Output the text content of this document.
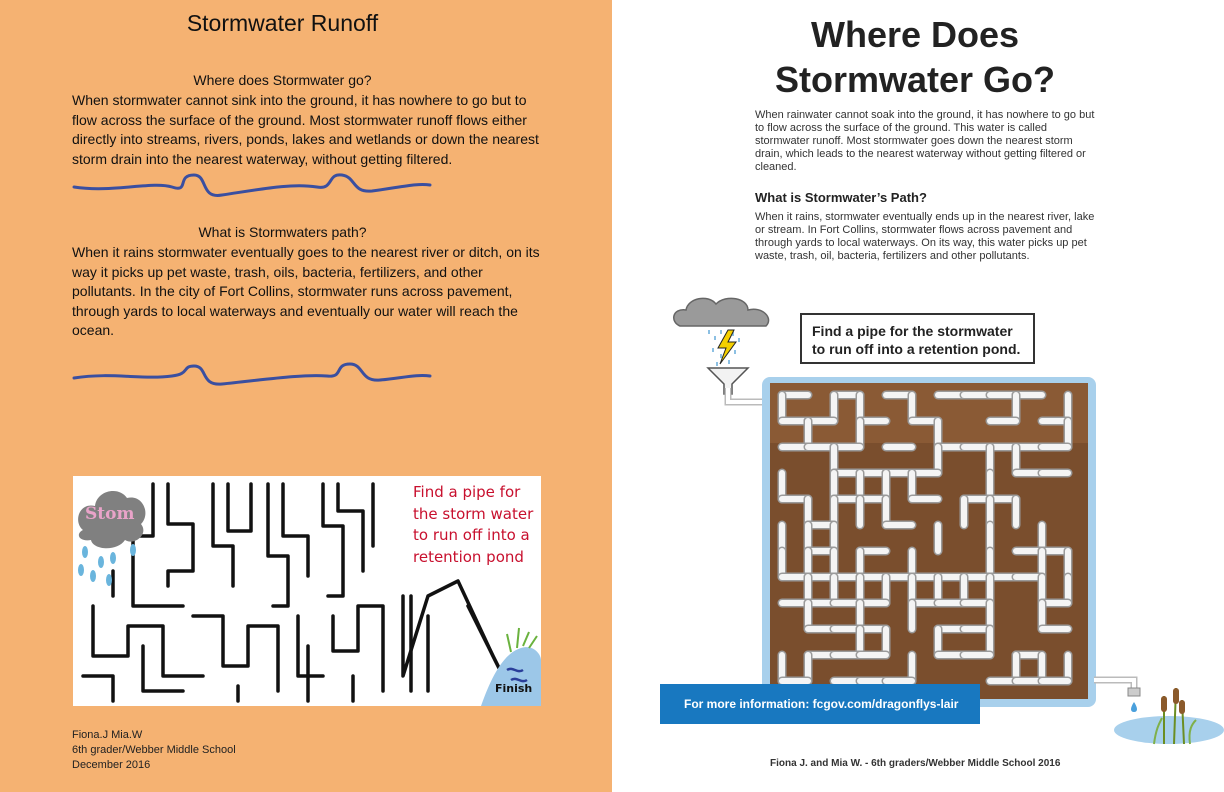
Stormwater Runoff

Where does Stormwater go?

When stormwater cannot sink into the ground, it has nowhere to go but to flow across the surface of the ground. Most stormwater runoff flows either directly into streams, rivers, ponds, lakes and wetlands or down the nearest storm drain into the nearest waterway, without getting filtered.

What is Stormwaters path?

When it rains stormwater eventually goes to the nearest river or ditch, on its way it picks up pet waste, trash, oils, bacteria, fertilizers, and other pollutants. In the city of Fort Collins, stormwater runs across pavement, through yards to local waterways and eventually our water will reach the ocean.

Stom
Find a pipe for the storm water to run off into a retention pond
Finish
Fiona.J Mia.W
6th grader/Webber Middle School
December 2016
Where Does
Stormwater Go?

When rainwater cannot soak into the ground, it has nowhere to go but to flow across the surface of the ground. This water is called stormwater runoff. Most stormwater goes down the nearest storm drain, which leads to the nearest waterway without getting filtered or cleaned.

What is Stormwater’s Path?

When it rains, stormwater eventually ends up in the nearest river, lake or stream. In Fort Collins, stormwater flows across pavement and through yards to local waterways. On its way, this water picks up pet waste, trash, oil, bacteria, fertilizers and other pollutants.

Find a pipe for the stormwater to run off into a retention pond.
For more information: fcgov.com/dragonflys-lair
Fiona J. and Mia W. - 6th graders/Webber Middle School 2016
